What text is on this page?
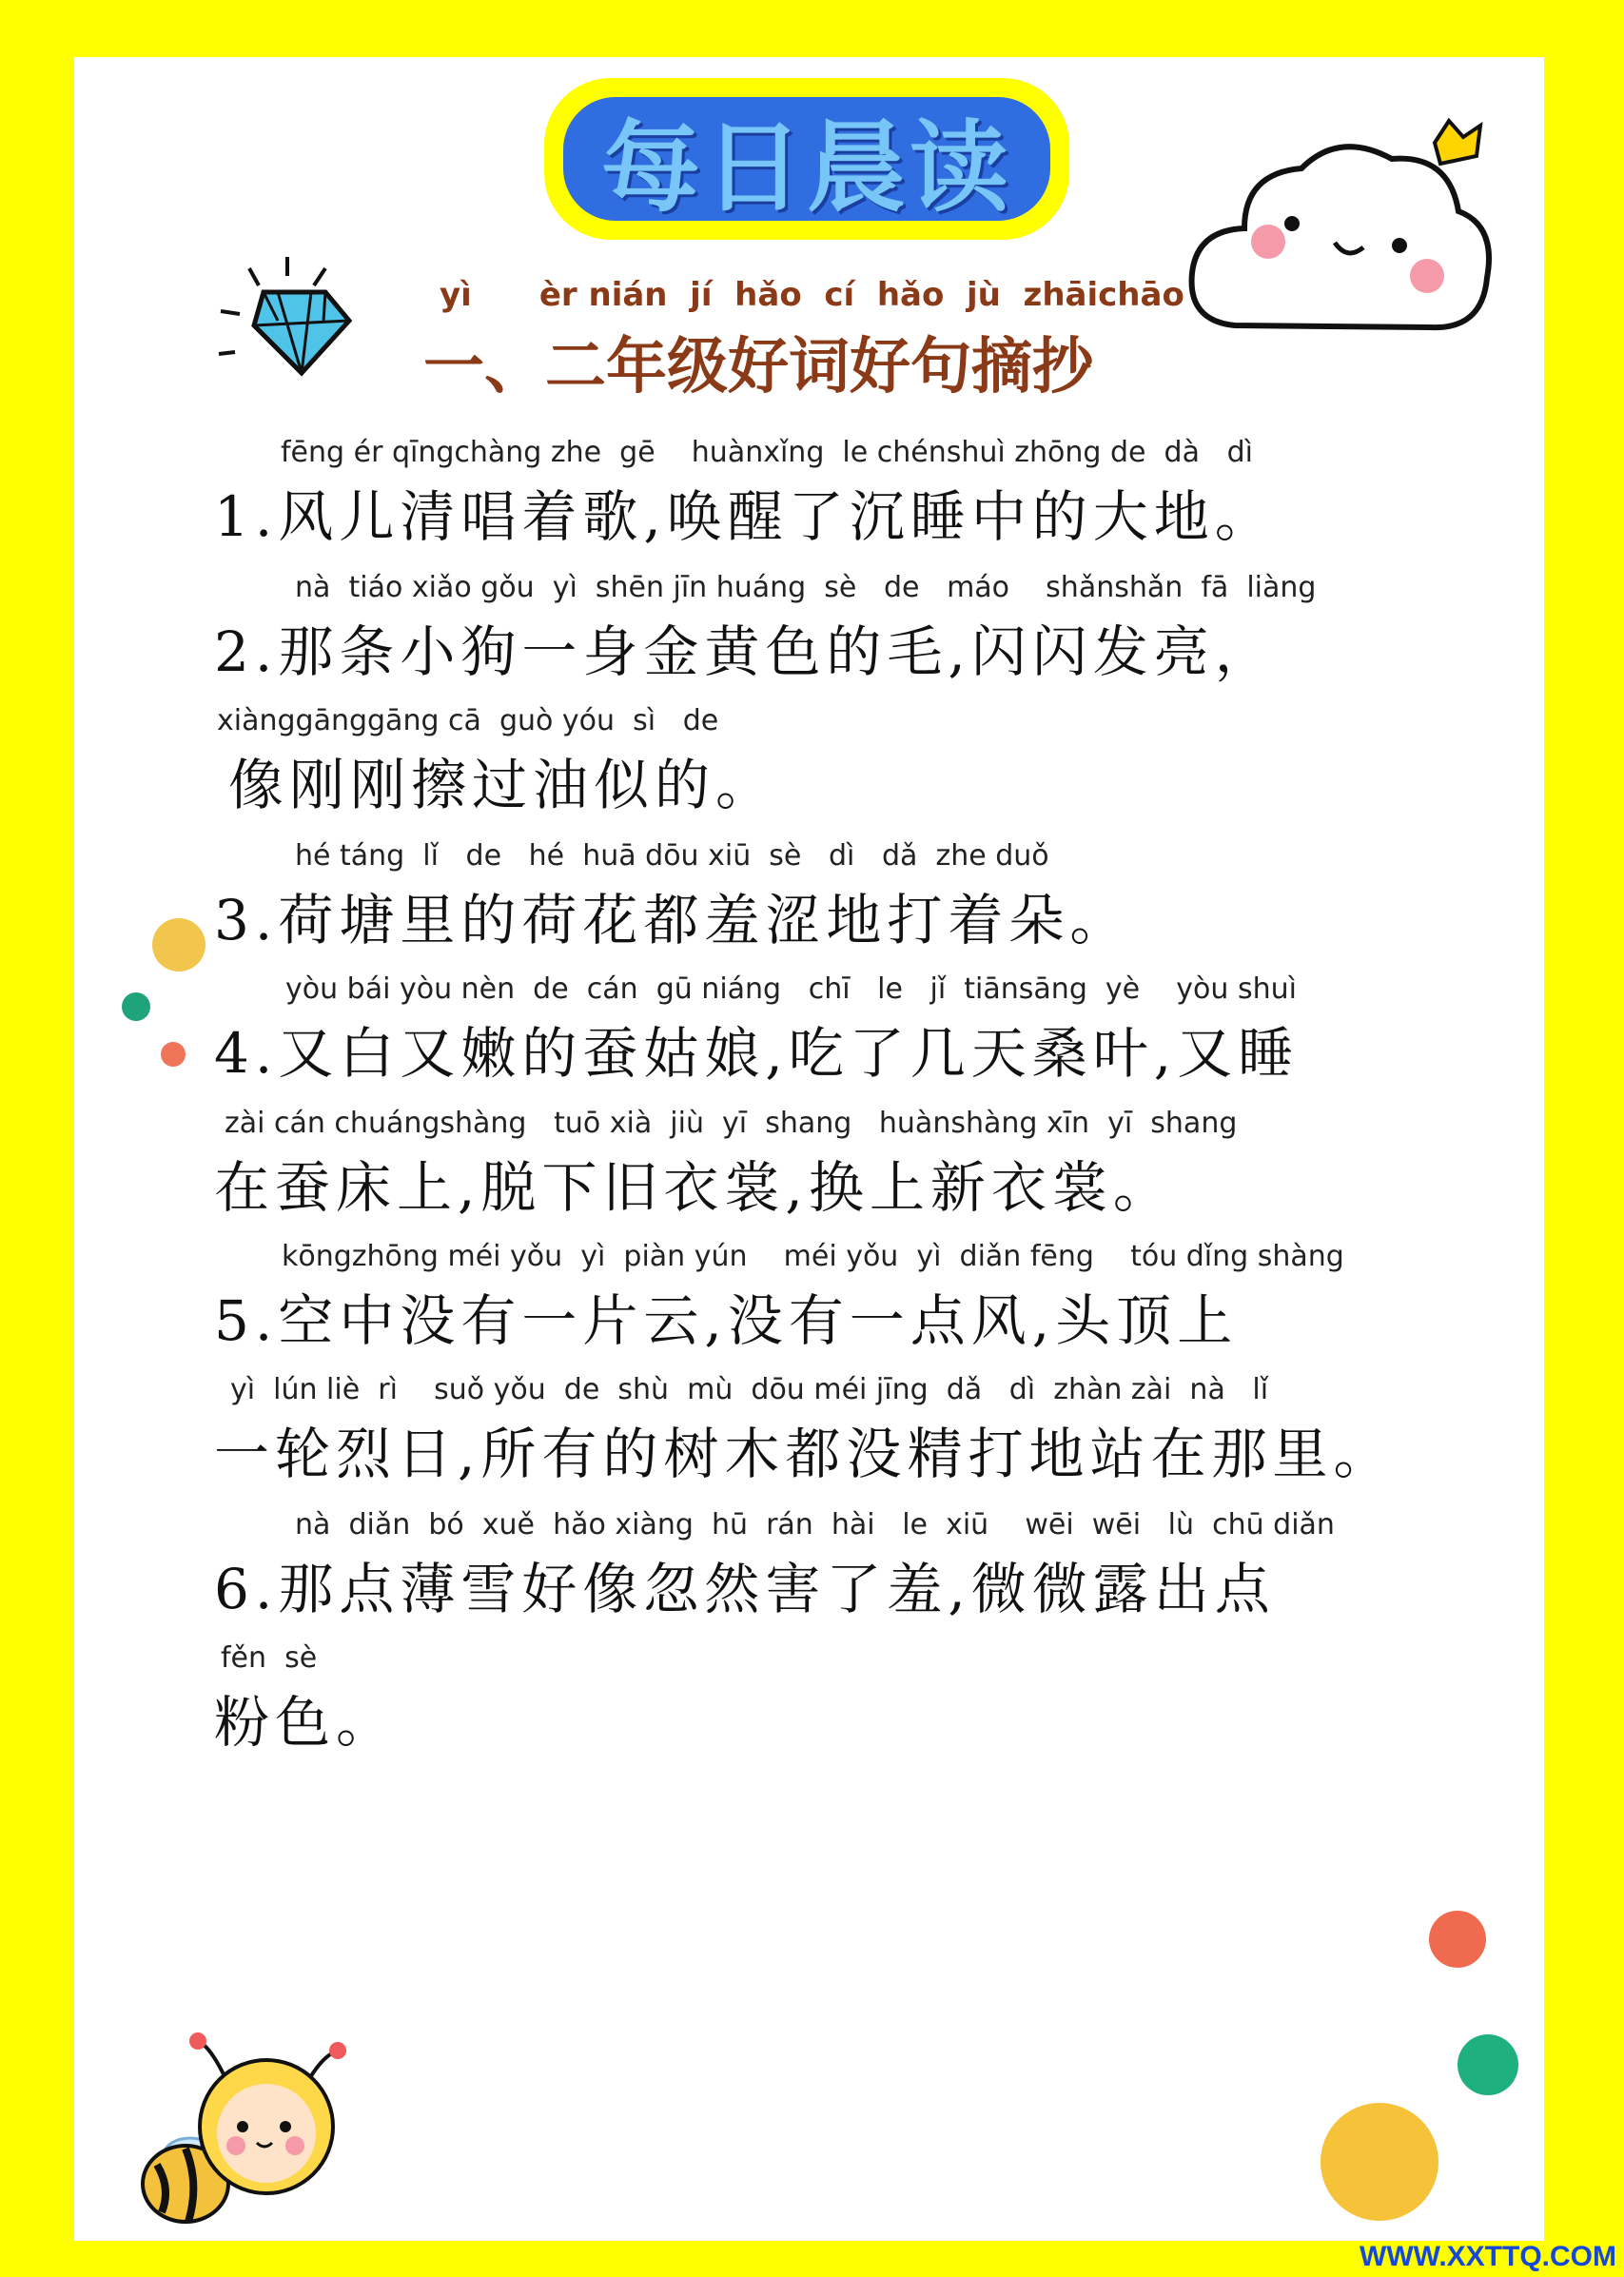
每日晨读
yì      èr nián  jí  hǎo  cí  hǎo  jù  zhāichāo
一、二年级好词好句摘抄
fēng ér qīngchàng zhe  gē    huànxǐng  le chénshuì zhōng de  dà   dì
1.风儿清唱着歌,唤醒了沉睡中的大地。
nà  tiáo xiǎo gǒu  yì  shēn jīn huáng  sè   de   máo    shǎnshǎn  fā  liàng
2.那条小狗一身金黄色的毛,闪闪发亮，
xiànggānggāng cā  guò yóu  sì   de
像刚刚擦过油似的。
hé táng  lǐ   de   hé  huā dōu xiū  sè   dì   dǎ  zhe duǒ
3.荷塘里的荷花都羞涩地打着朵。
yòu bái yòu nèn  de  cán  gū niáng   chī   le   jǐ  tiānsāng  yè    yòu shuì
4.又白又嫩的蚕姑娘,吃了几天桑叶,又睡
zài cán chuángshàng   tuō xià  jiù  yī  shang   huànshàng xīn  yī  shang
在蚕床上,脱下旧衣裳,换上新衣裳。
kōngzhōng méi yǒu  yì  piàn yún    méi yǒu  yì  diǎn fēng    tóu dǐng shàng
5.空中没有一片云,没有一点风,头顶上
yì  lún liè  rì    suǒ yǒu  de  shù  mù  dōu méi jīng  dǎ   dì  zhàn zài  nà   lǐ
一轮烈日,所有的树木都没精打地站在那里。
nà  diǎn  bó  xuě  hǎo xiàng  hū  rán  hài   le  xiū    wēi  wēi   lù  chū diǎn
6.那点薄雪好像忽然害了羞,微微露出点
fěn  sè
粉色。
WWW.XXTTQ.COM
